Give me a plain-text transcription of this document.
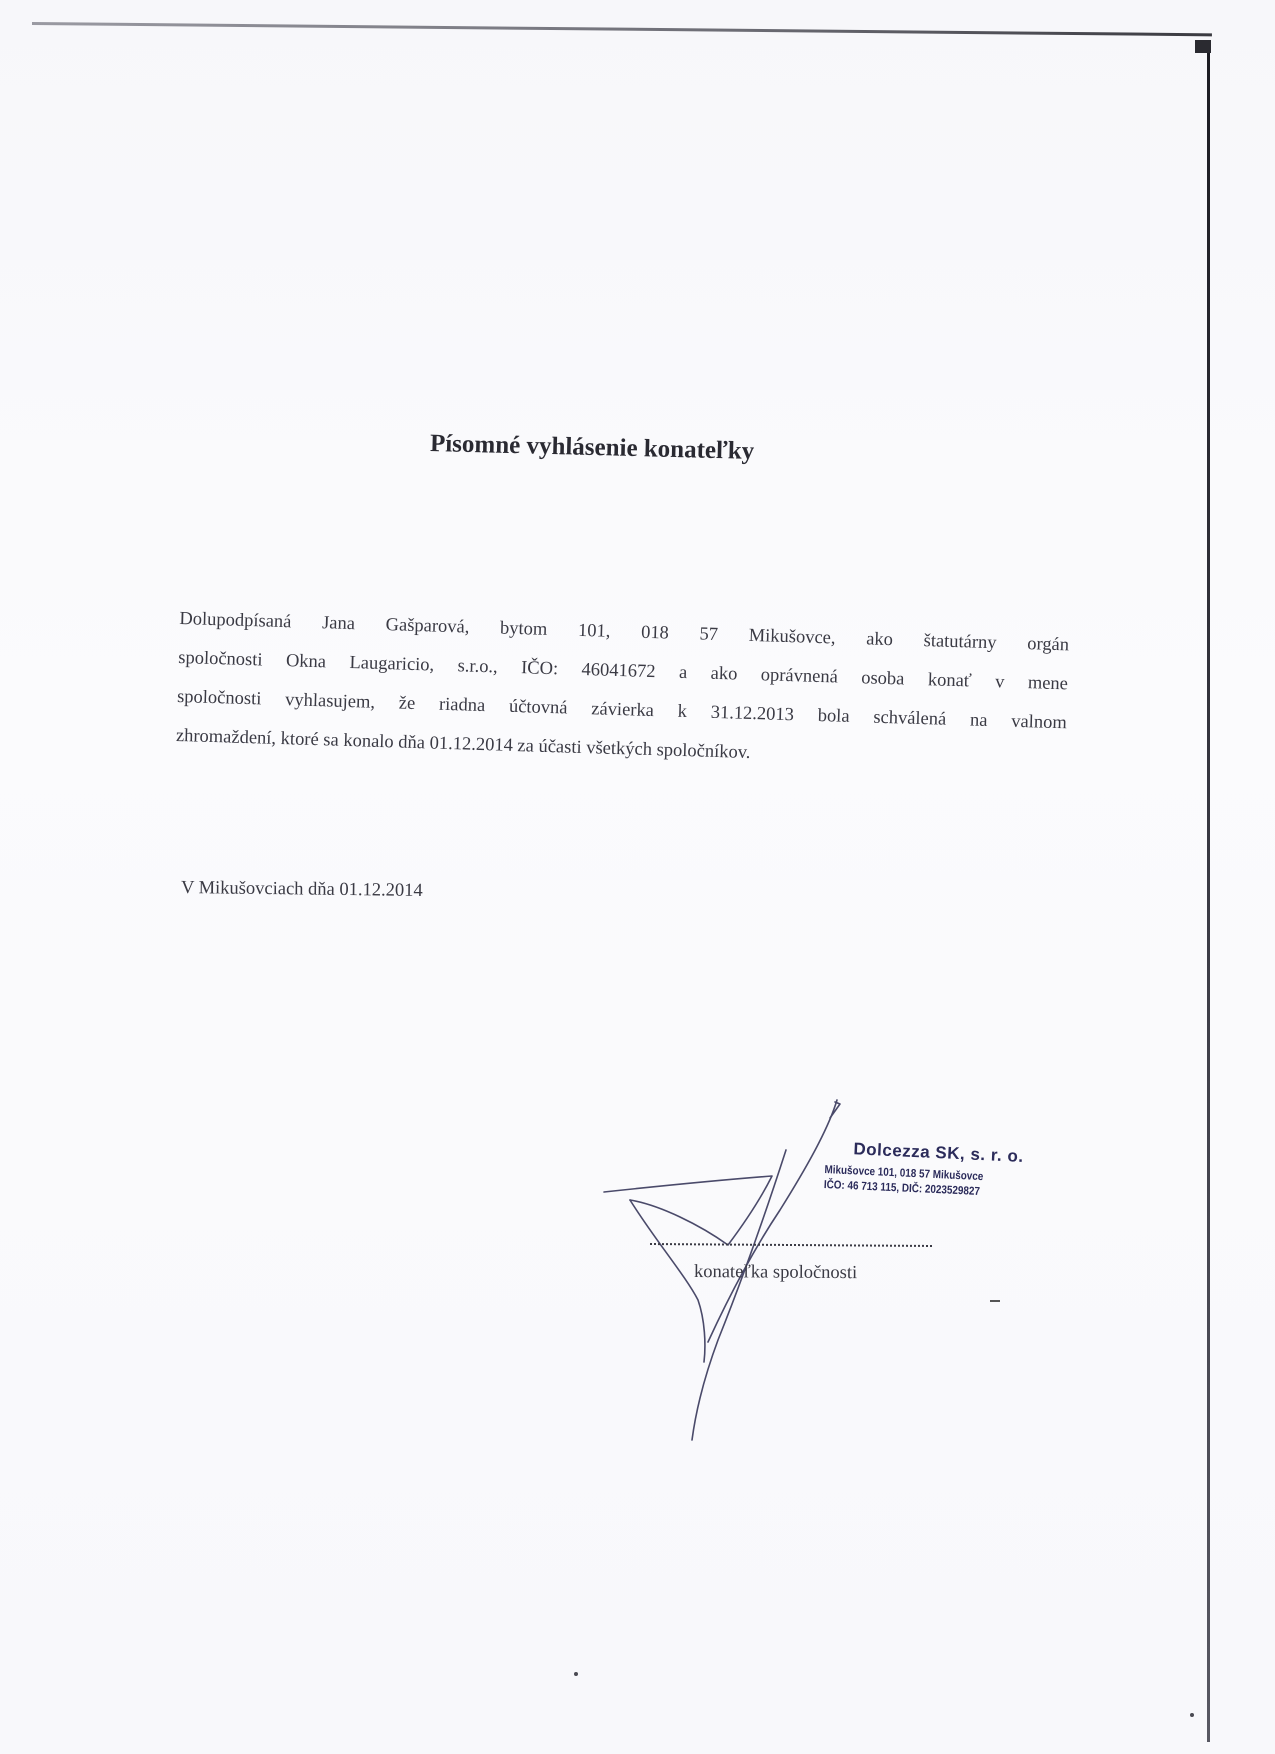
Písomné vyhlásenie konateľky
Dolupodpísaná Jana Gašparová, bytom 101, 018 57 Mikušovce, ako štatutárny orgán
spoločnosti Okna Laugaricio, s.r.o., IČO: 46041672 a ako oprávnená osoba konať v mene
spoločnosti vyhlasujem, že riadna účtovná závierka k 31.12.2013 bola schválená na valnom
zhromaždení, ktoré sa konalo dňa 01.12.2014 za účasti všetkých spoločníkov.
V Mikušovciach dňa 01.12.2014
Dolcezza SK, s. r. o.
Mikušovce 101, 018 57 Mikušovce
IČO: 46 713 115, DIČ: 2023529827
konateľka spoločnosti
